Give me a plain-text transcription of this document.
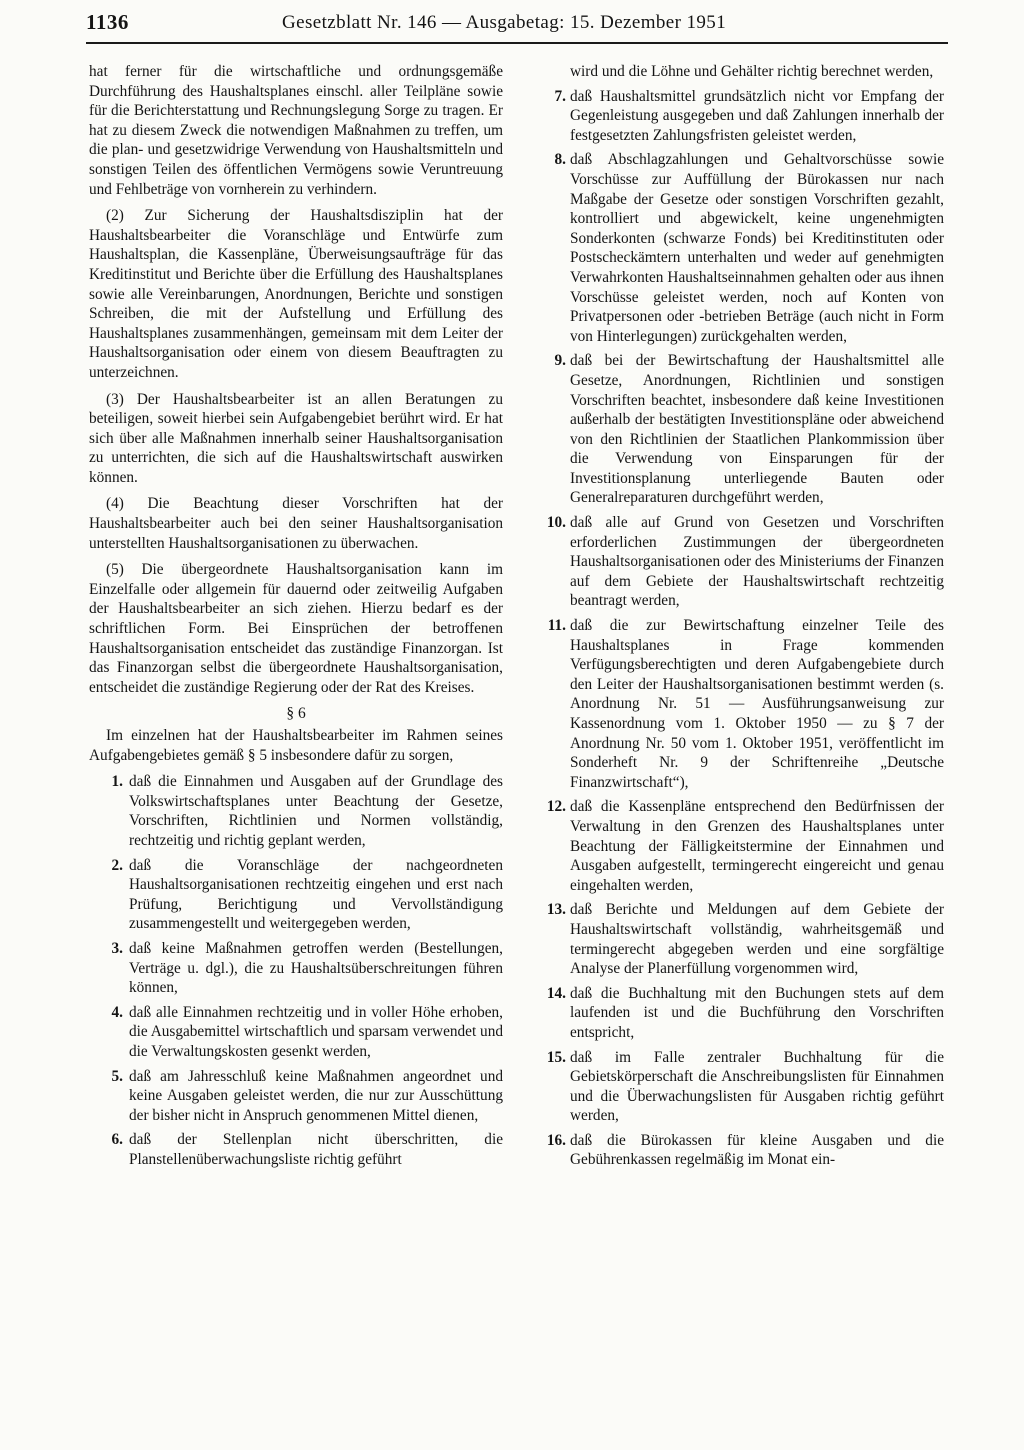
1136	Gesetzblatt Nr. 146 — Ausgabetag: 15. Dezember 1951

hat ferner für die wirtschaftliche und ordnungsgemäße Durchführung des Haushaltsplanes einschl. aller Teilpläne sowie für die Berichterstattung und Rechnungslegung Sorge zu tragen. Er hat zu diesem Zweck die notwendigen Maßnahmen zu treffen, um die plan- und gesetzwidrige Verwendung von Haushaltsmitteln und sonstigen Teilen des öffentlichen Vermögens sowie Veruntreuung und Fehlbeträge von vornherein zu verhindern.

(2) Zur Sicherung der Haushaltsdisziplin hat der Haushaltsbearbeiter die Voranschläge und Entwürfe zum Haushaltsplan, die Kassenpläne, Überweisungsaufträge für das Kreditinstitut und Berichte über die Erfüllung des Haushaltsplanes sowie alle Vereinbarungen, Anordnungen, Berichte und sonstigen Schreiben, die mit der Aufstellung und Erfüllung des Haushaltsplanes zusammenhängen, gemeinsam mit dem Leiter der Haushaltsorganisation oder einem von diesem Beauftragten zu unterzeichnen.

(3) Der Haushaltsbearbeiter ist an allen Beratungen zu beteiligen, soweit hierbei sein Aufgabengebiet berührt wird. Er hat sich über alle Maßnahmen innerhalb seiner Haushaltsorganisation zu unterrichten, die sich auf die Haushaltswirtschaft auswirken können.

(4) Die Beachtung dieser Vorschriften hat der Haushaltsbearbeiter auch bei den seiner Haushaltsorganisation unterstellten Haushaltsorganisationen zu überwachen.

(5) Die übergeordnete Haushaltsorganisation kann im Einzelfalle oder allgemein für dauernd oder zeitweilig Aufgaben der Haushaltsbearbeiter an sich ziehen. Hierzu bedarf es der schriftlichen Form. Bei Einsprüchen der betroffenen Haushaltsorganisation entscheidet das zuständige Finanzorgan. Ist das Finanzorgan selbst die übergeordnete Haushaltsorganisation, entscheidet die zuständige Regierung oder der Rat des Kreises.

§ 6

Im einzelnen hat der Haushaltsbearbeiter im Rahmen seines Aufgabengebietes gemäß § 5 insbesondere dafür zu sorgen,

1. daß die Einnahmen und Ausgaben auf der Grundlage des Volkswirtschaftsplanes unter Beachtung der Gesetze, Vorschriften, Richtlinien und Normen vollständig, rechtzeitig und richtig geplant werden,
2. daß die Voranschläge der nachgeordneten Haushaltsorganisationen rechtzeitig eingehen und erst nach Prüfung, Berichtigung und Vervollständigung zusammengestellt und weitergegeben werden,
3. daß keine Maßnahmen getroffen werden (Bestellungen, Verträge u. dgl.), die zu Haushaltsüberschreitungen führen können,
4. daß alle Einnahmen rechtzeitig und in voller Höhe erhoben, die Ausgabemittel wirtschaftlich und sparsam verwendet und die Verwaltungskosten gesenkt werden,
5. daß am Jahresschluß keine Maßnahmen angeordnet und keine Ausgaben geleistet werden, die nur zur Ausschüttung der bisher nicht in Anspruch genommenen Mittel dienen,
6. daß der Stellenplan nicht überschritten, die Planstellenüberwachungsliste richtig geführt

wird und die Löhne und Gehälter richtig berechnet werden,

7. daß Haushaltsmittel grundsätzlich nicht vor Empfang der Gegenleistung ausgegeben und daß Zahlungen innerhalb der festgesetzten Zahlungsfristen geleistet werden,
8. daß Abschlagzahlungen und Gehaltvorschüsse sowie Vorschüsse zur Auffüllung der Bürokassen nur nach Maßgabe der Gesetze oder sonstigen Vorschriften gezahlt, kontrolliert und abgewickelt, keine ungenehmigten Sonderkonten (schwarze Fonds) bei Kreditinstituten oder Postscheckämtern unterhalten und weder auf genehmigten Verwahrkonten Haushaltseinnahmen gehalten oder aus ihnen Vorschüsse geleistet werden, noch auf Konten von Privatpersonen oder -betrieben Beträge (auch nicht in Form von Hinterlegungen) zurückgehalten werden,
9. daß bei der Bewirtschaftung der Haushaltsmittel alle Gesetze, Anordnungen, Richtlinien und sonstigen Vorschriften beachtet, insbesondere daß keine Investitionen außerhalb der bestätigten Investitionspläne oder abweichend von den Richtlinien der Staatlichen Plankommission über die Verwendung von Einsparungen für der Investitionsplanung unterliegende Bauten oder Generalreparaturen durchgeführt werden,
10. daß alle auf Grund von Gesetzen und Vorschriften erforderlichen Zustimmungen der übergeordneten Haushaltsorganisationen oder des Ministeriums der Finanzen auf dem Gebiete der Haushaltswirtschaft rechtzeitig beantragt werden,
11. daß die zur Bewirtschaftung einzelner Teile des Haushaltsplanes in Frage kommenden Verfügungsberechtigten und deren Aufgabengebiete durch den Leiter der Haushaltsorganisationen bestimmt werden (s. Anordnung Nr. 51 — Ausführungsanweisung zur Kassenordnung vom 1. Oktober 1950 — zu § 7 der Anordnung Nr. 50 vom 1. Oktober 1951, veröffentlicht im Sonderheft Nr. 9 der Schriftenreihe „Deutsche Finanzwirtschaft“),
12. daß die Kassenpläne entsprechend den Bedürfnissen der Verwaltung in den Grenzen des Haushaltsplanes unter Beachtung der Fälligkeitstermine der Einnahmen und Ausgaben aufgestellt, termingerecht eingereicht und genau eingehalten werden,
13. daß Berichte und Meldungen auf dem Gebiete der Haushaltswirtschaft vollständig, wahrheitsgemäß und termingerecht abgegeben werden und eine sorgfältige Analyse der Planerfüllung vorgenommen wird,
14. daß die Buchhaltung mit den Buchungen stets auf dem laufenden ist und die Buchführung den Vorschriften entspricht,
15. daß im Falle zentraler Buchhaltung für die Gebietskörperschaft die Anschreibungslisten für Einnahmen und die Überwachungslisten für Ausgaben richtig geführt werden,
16. daß die Bürokassen für kleine Ausgaben und die Gebührenkassen regelmäßig im Monat ein-
